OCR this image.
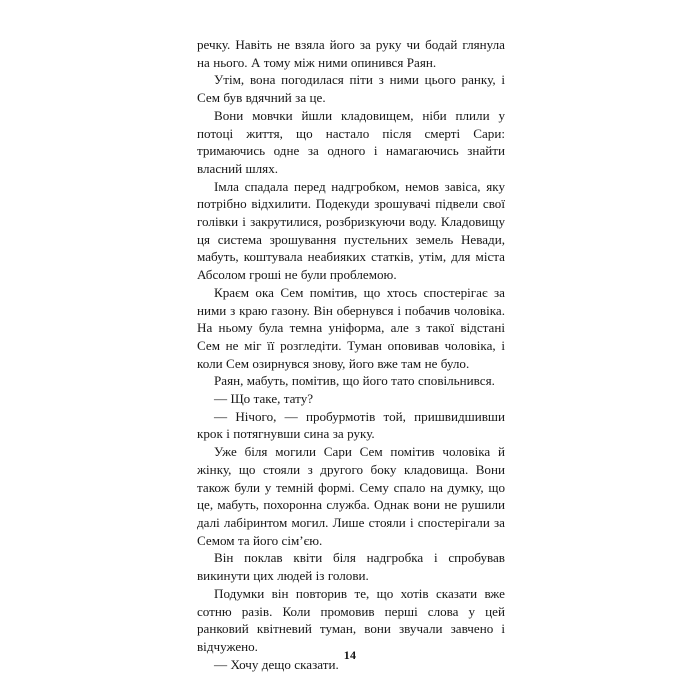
речку. Навіть не взяла його за руку чи бодай глянула на нього. А тому між ними опинився Раян.

Утім, вона погодилася піти з ними цього ранку, і Сем був вдячний за це.

Вони мовчки йшли кладовищем, ніби плили у потоці життя, що настало після смерті Сари: тримаючись одне за одного і намагаючись знайти власний шлях.

Імла спадала перед надгробком, немов завіса, яку потрібно відхилити. Подекуди зрошувачі підвели свої голівки і закрутилися, розбризкуючи воду. Кладовищу ця система зрошування пустельних земель Невади, мабуть, коштувала неабияких статків, утім, для міста Абсолом гроші не були проблемою.

Краєм ока Сем помітив, що хтось спостерігає за ними з краю газону. Він обернувся і побачив чоловіка. На ньому була темна уніформа, але з такої відстані Сем не міг її розгледіти. Туман оповивав чоловіка, і коли Сем озирнувся знову, його вже там не було.

Раян, мабуть, помітив, що його тато сповільнився.

— Що таке, тату?

— Нічого, — пробурмотів той, пришвидшивши крок і потягнувши сина за руку.

Уже біля могили Сари Сем помітив чоловіка й жінку, що стояли з другого боку кладовища. Вони також були у темній формі. Сему спало на думку, що це, мабуть, похоронна служба. Однак вони не рушили далі лабіринтом могил. Лише стояли і спостерігали за Семом та його сім’єю.

Він поклав квіти біля надгробка і спробував викинути цих людей із голови.

Подумки він повторив те, що хотів сказати вже сотню разів. Коли промовив перші слова у цей ранковий квітневий туман, вони звучали завчено і відчужено.

— Хочу дещо сказати.

14
